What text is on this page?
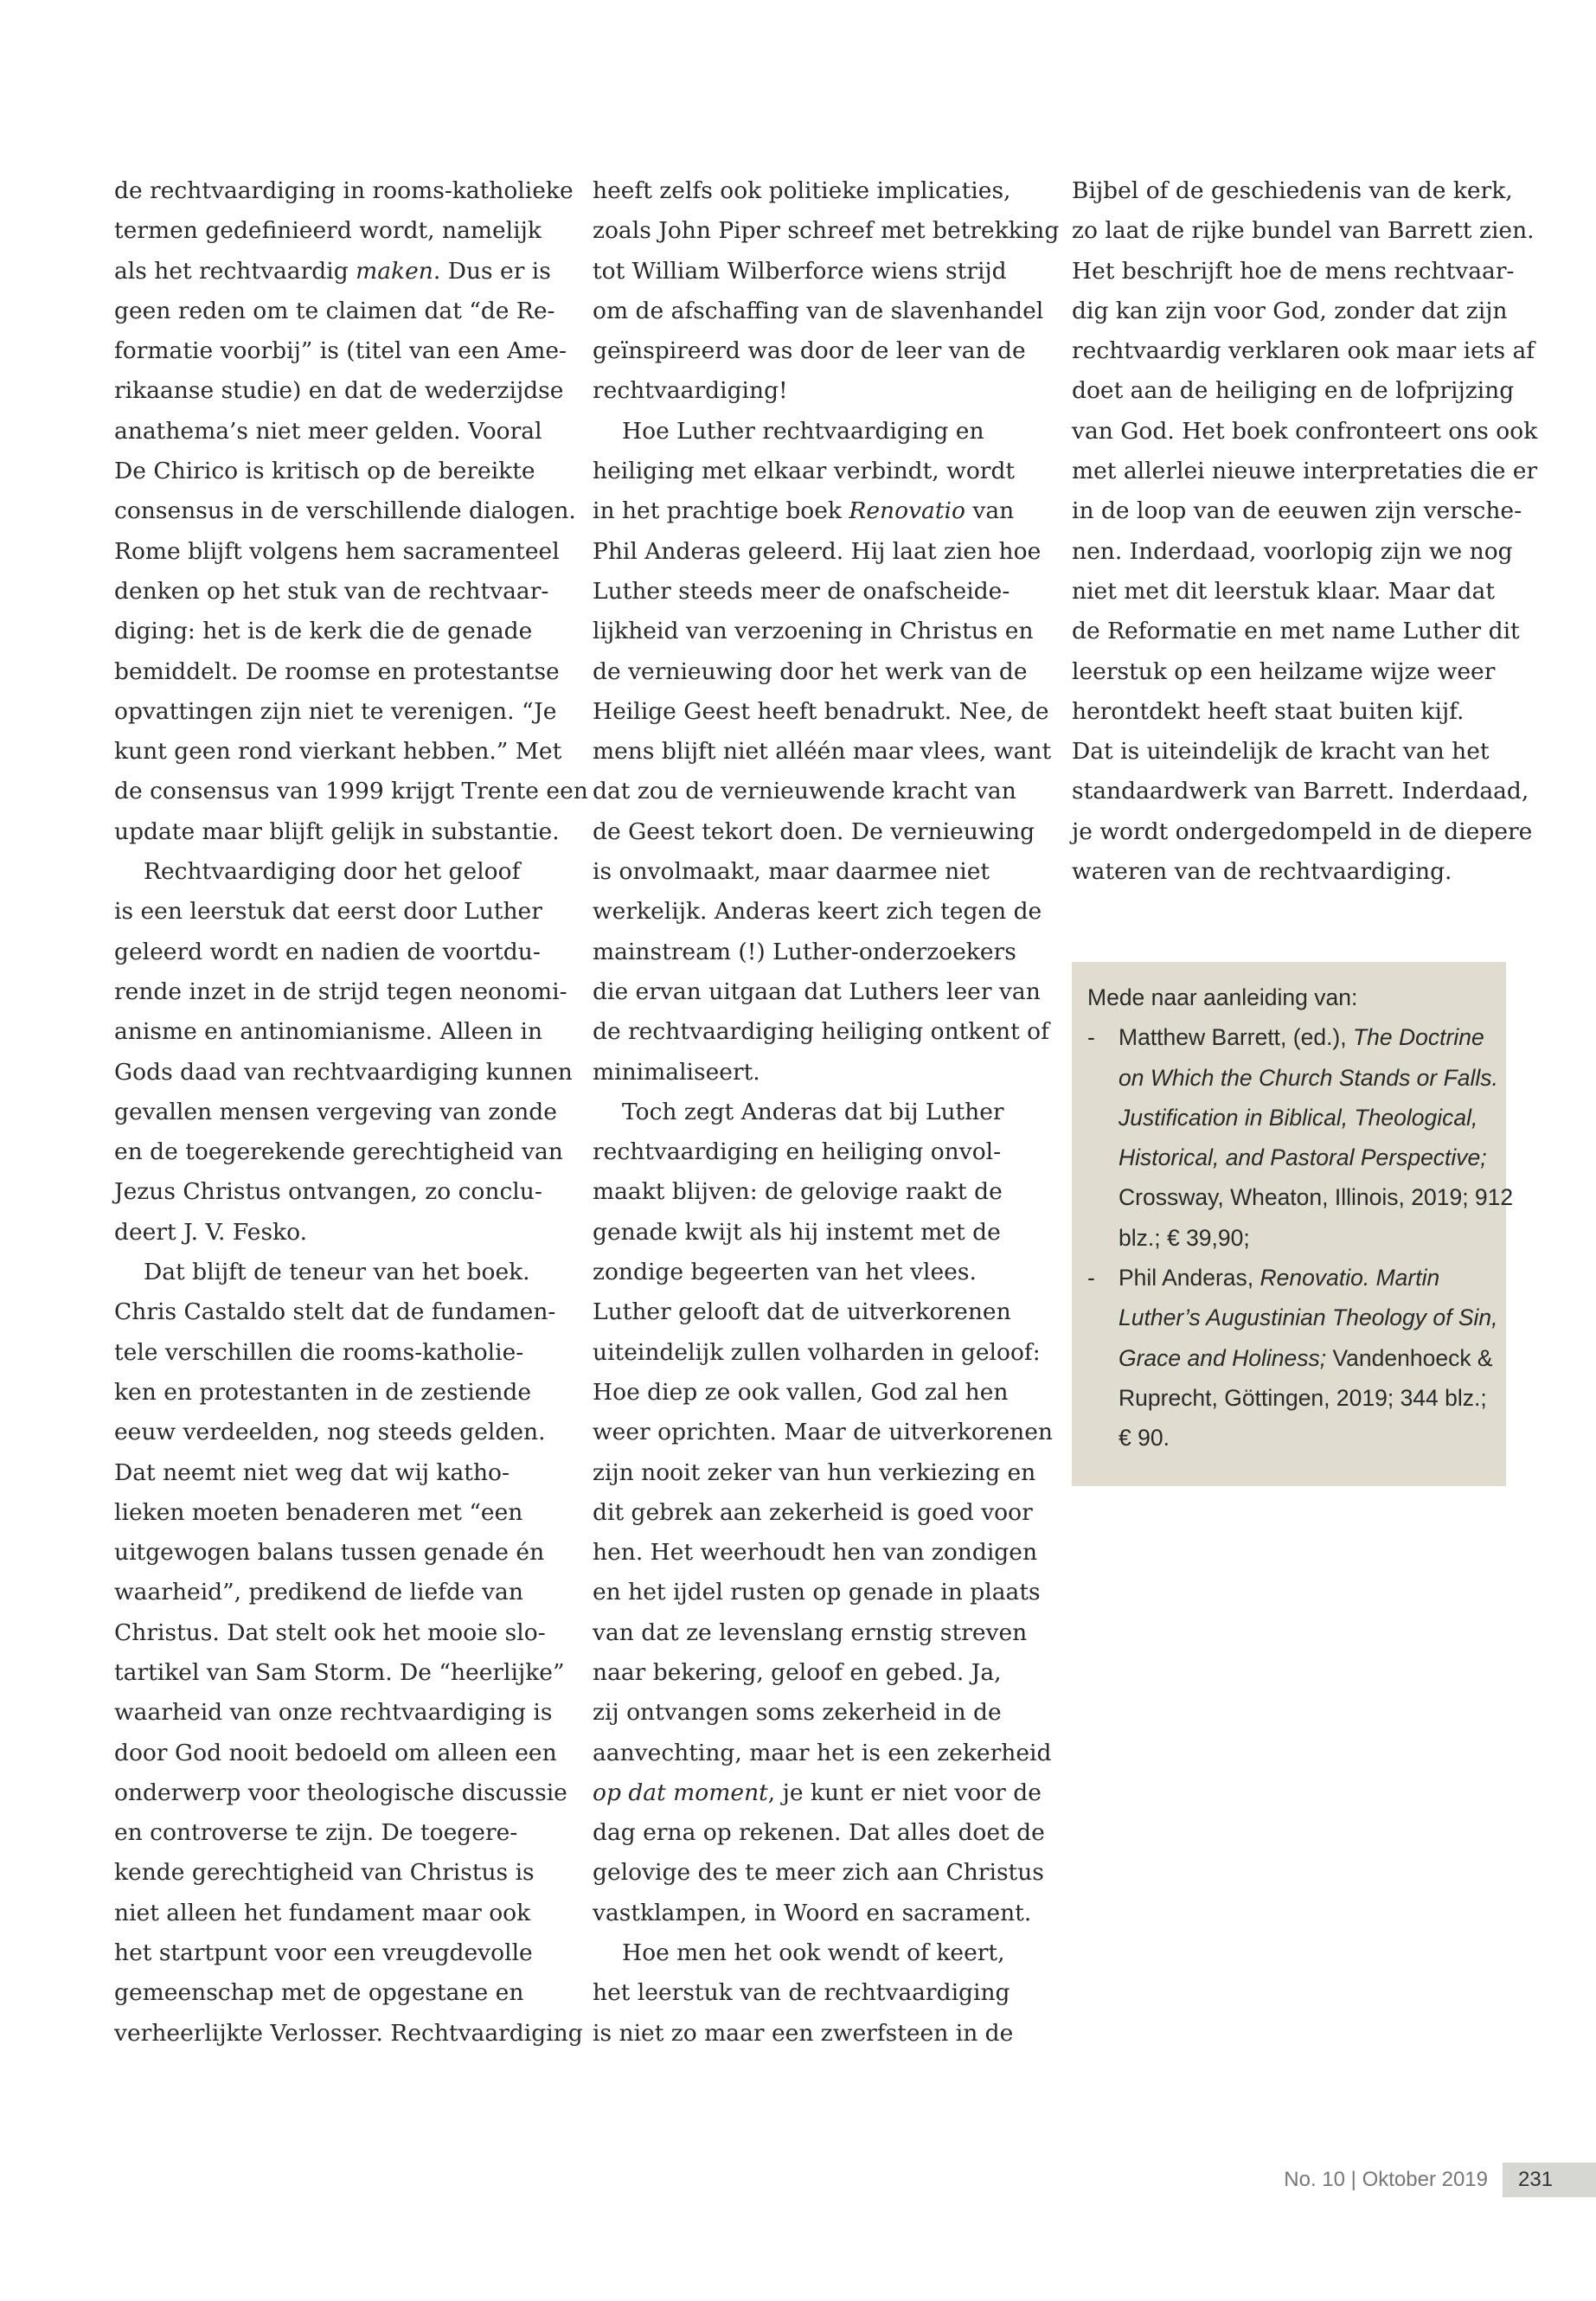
de rechtvaardiging in rooms-katholieke
termen gedefinieerd wordt, namelijk
als het rechtvaardig maken. Dus er is
geen reden om te claimen dat “de Re-
formatie voorbij” is (titel van een Ame-
rikaanse studie) en dat de wederzijdse
anathema’s niet meer gelden. Vooral
De Chirico is kritisch op de bereikte
consensus in de verschillende dialogen.
Rome blijft volgens hem sacramenteel
denken op het stuk van de rechtvaar-
diging: het is de kerk die de genade
bemiddelt. De roomse en protestantse
opvattingen zijn niet te verenigen. “Je
kunt geen rond vierkant hebben.” Met
de consensus van 1999 krijgt Trente een
update maar blijft gelijk in substantie.

Rechtvaardiging door het geloof
is een leerstuk dat eerst door Luther
geleerd wordt en nadien de voortdu-
rende inzet in de strijd tegen neonomi-
anisme en antinomianisme. Alleen in
Gods daad van rechtvaardiging kunnen
gevallen mensen vergeving van zonde
en de toegerekende gerechtigheid van
Jezus Christus ontvangen, zo conclu-
deert J. V. Fesko.

Dat blijft de teneur van het boek.
Chris Castaldo stelt dat de fundamen-
tele verschillen die rooms-katholie-
ken en protestanten in de zestiende
eeuw verdeelden, nog steeds gelden.
Dat neemt niet weg dat wij katho-
lieken moeten benaderen met “een
uitgewogen balans tussen genade én
waarheid”, predikend de liefde van
Christus. Dat stelt ook het mooie slo-
tartikel van Sam Storm. De “heerlijke”
waarheid van onze rechtvaardiging is
door God nooit bedoeld om alleen een
onderwerp voor theologische discussie
en controverse te zijn. De toegere-
kende gerechtigheid van Christus is
niet alleen het fundament maar ook
het startpunt voor een vreugdevolle
gemeenschap met de opgestane en
verheerlijkte Verlosser. Rechtvaardiging

heeft zelfs ook politieke implicaties,
zoals John Piper schreef met betrekking
tot William Wilberforce wiens strijd
om de afschaffing van de slavenhandel
geïnspireerd was door de leer van de
rechtvaardiging!

Hoe Luther rechtvaardiging en
heiliging met elkaar verbindt, wordt
in het prachtige boek Renovatio van
Phil Anderas geleerd. Hij laat zien hoe
Luther steeds meer de onafscheide-
lijkheid van verzoening in Christus en
de vernieuwing door het werk van de
Heilige Geest heeft benadrukt. Nee, de
mens blijft niet alléén maar vlees, want
dat zou de vernieuwende kracht van
de Geest tekort doen. De vernieuwing
is onvolmaakt, maar daarmee niet
werkelijk. Anderas keert zich tegen de
mainstream (!) Luther-onderzoekers
die ervan uitgaan dat Luthers leer van
de rechtvaardiging heiliging ontkent of
minimaliseert.

Toch zegt Anderas dat bij Luther
rechtvaardiging en heiliging onvol-
maakt blijven: de gelovige raakt de
genade kwijt als hij instemt met de
zondige begeerten van het vlees.
Luther gelooft dat de uitverkorenen
uiteindelijk zullen volharden in geloof:
Hoe diep ze ook vallen, God zal hen
weer oprichten. Maar de uitverkorenen
zijn nooit zeker van hun verkiezing en
dit gebrek aan zekerheid is goed voor
hen. Het weerhoudt hen van zondigen
en het ijdel rusten op genade in plaats
van dat ze levenslang ernstig streven
naar bekering, geloof en gebed. Ja,
zij ontvangen soms zekerheid in de
aanvechting, maar het is een zekerheid
op dat moment, je kunt er niet voor de
dag erna op rekenen. Dat alles doet de
gelovige des te meer zich aan Christus
vastklampen, in Woord en sacrament.

Hoe men het ook wendt of keert,
het leerstuk van de rechtvaardiging
is niet zo maar een zwerfsteen in de

Bijbel of de geschiedenis van de kerk,
zo laat de rijke bundel van Barrett zien.
Het beschrijft hoe de mens rechtvaar-
dig kan zijn voor God, zonder dat zijn
rechtvaardig verklaren ook maar iets af
doet aan de heiliging en de lofprijzing
van God. Het boek confronteert ons ook
met allerlei nieuwe interpretaties die er
in de loop van de eeuwen zijn versche-
nen. Inderdaad, voorlopig zijn we nog
niet met dit leerstuk klaar. Maar dat
de Reformatie en met name Luther dit
leerstuk op een heilzame wijze weer
herontdekt heeft staat buiten kijf.
Dat is uiteindelijk de kracht van het
standaardwerk van Barrett. Inderdaad,
je wordt ondergedompeld in de diepere
wateren van de rechtvaardiging.

Mede naar aanleiding van:
- Matthew Barrett, (ed.), The Doctrine
on Which the Church Stands or Falls.
Justification in Biblical, Theological,
Historical, and Pastoral Perspective;
Crossway, Wheaton, Illinois, 2019; 912
blz.; € 39,90;
- Phil Anderas, Renovatio. Martin
Luther’s Augustinian Theology of Sin,
Grace and Holiness; Vandenhoeck &
Ruprecht, Göttingen, 2019; 344 blz.;
€ 90.
No. 10 | Oktober 2019	231
